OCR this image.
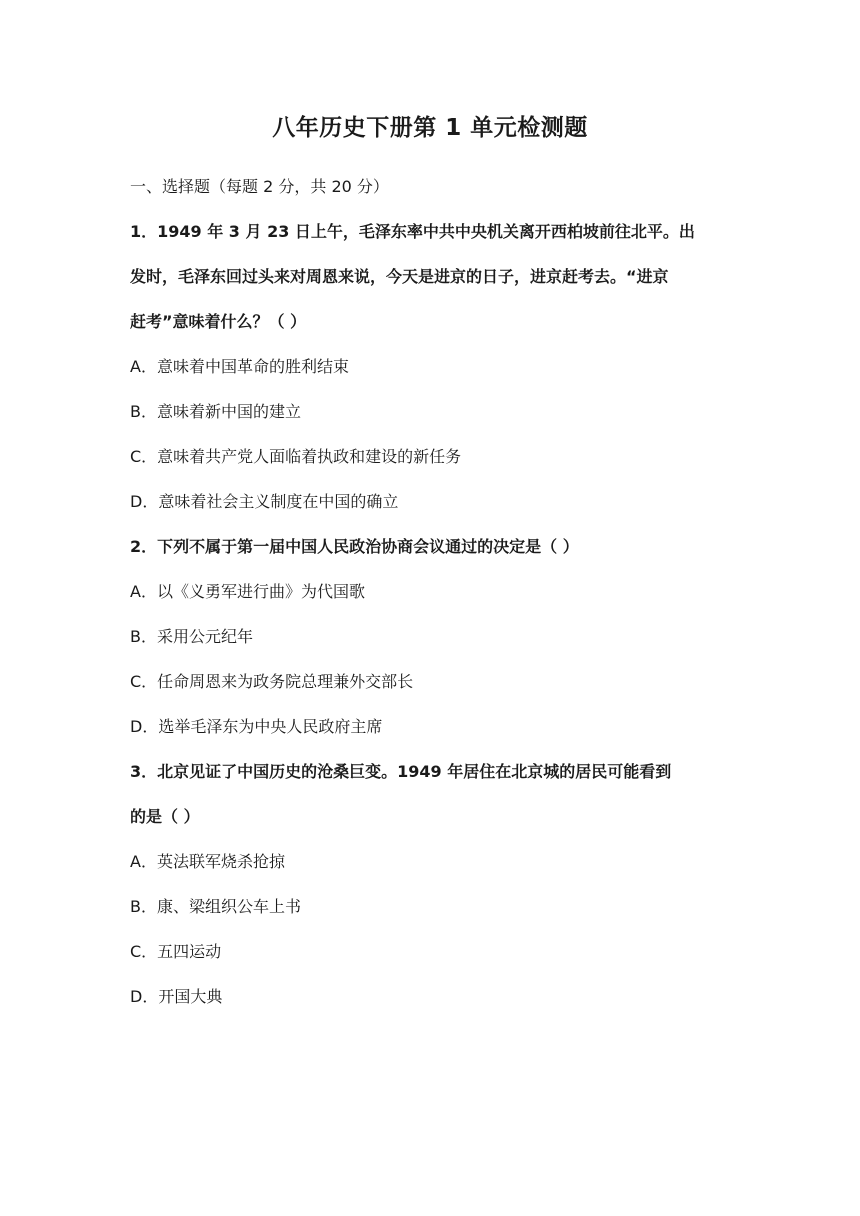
八年历史下册第 1 单元检测题
一、选择题（每题 2 分，共 20 分）
1．1949 年 3 月 23 日上午，毛泽东率中共中央机关离开西柏坡前往北平。出
发时，毛泽东回过头来对周恩来说，今天是进京的日子，进京赶考去。“进京
赶考”意味着什么？（ ）
A．意味着中国革命的胜利结束
B．意味着新中国的建立
C．意味着共产党人面临着执政和建设的新任务
D．意味着社会主义制度在中国的确立
2．下列不属于第一届中国人民政治协商会议通过的决定是（ ）
A．以《义勇军进行曲》为代国歌
B．采用公元纪年
C．任命周恩来为政务院总理兼外交部长
D．选举毛泽东为中央人民政府主席
3．北京见证了中国历史的沧桑巨变。1949 年居住在北京城的居民可能看到
的是（ ）
A．英法联军烧杀抢掠
B．康、梁组织公车上书
C．五四运动
D．开国大典
